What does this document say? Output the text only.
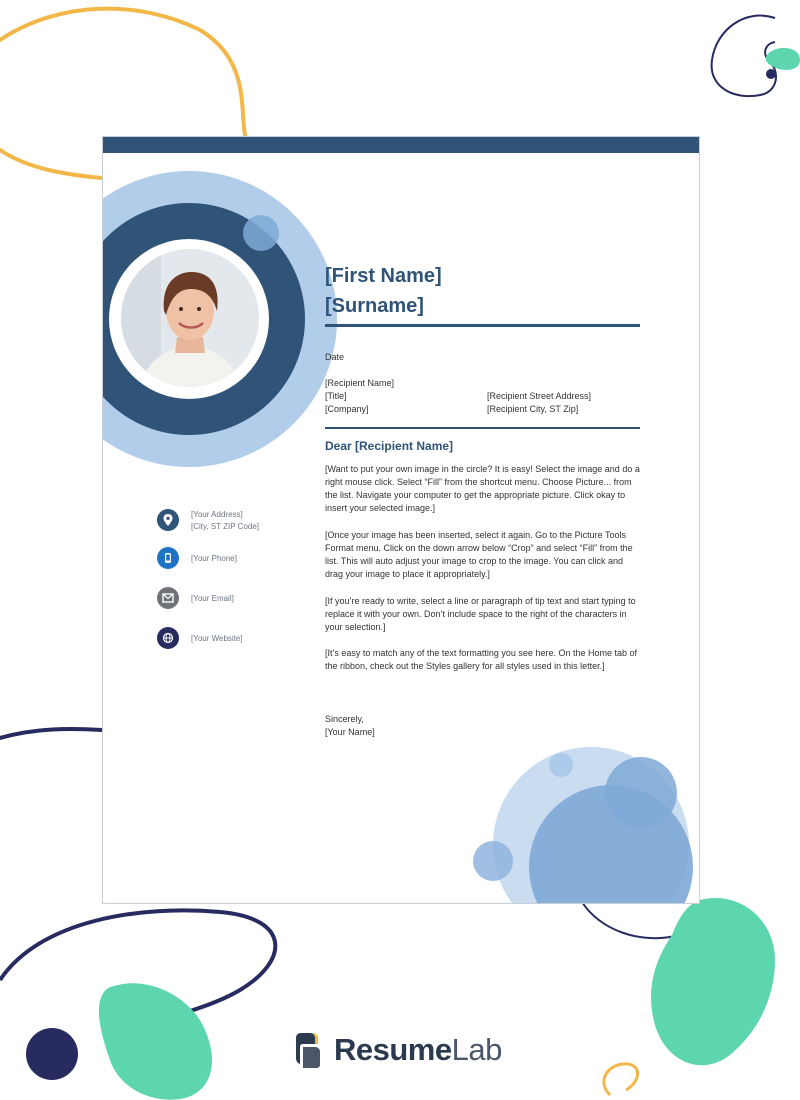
[First Name]
[Surname]
Date
[Recipient Name]
[Title]
[Company]
[Recipient Street Address]
[Recipient City, ST Zip]
Dear [Recipient Name]
[Want to put your own image in the circle? It is easy! Select the image and do a right mouse click. Select “Fill” from the shortcut menu. Choose Picture... from the list. Navigate your computer to get the appropriate picture. Click okay to insert your selected image.]
[Once your image has been inserted, select it again. Go to the Picture Tools Format menu. Click on the down arrow below “Crop” and select “Fill” from the list. This will auto adjust your image to crop to the image. You can click and drag your image to place it appropriately.]
[If you’re ready to write, select a line or paragraph of tip text and start typing to replace it with your own. Don’t include space to the right of the characters in your selection.]
[It’s easy to match any of the text formatting you see here. On the Home tab of the ribbon, check out the Styles gallery for all styles used in this letter.]
Sincerely,
[Your Name]
[Your Address]
[City, ST ZIP Code]
[Your Phone]
[Your Email]
[Your Website]
ResumeLab
